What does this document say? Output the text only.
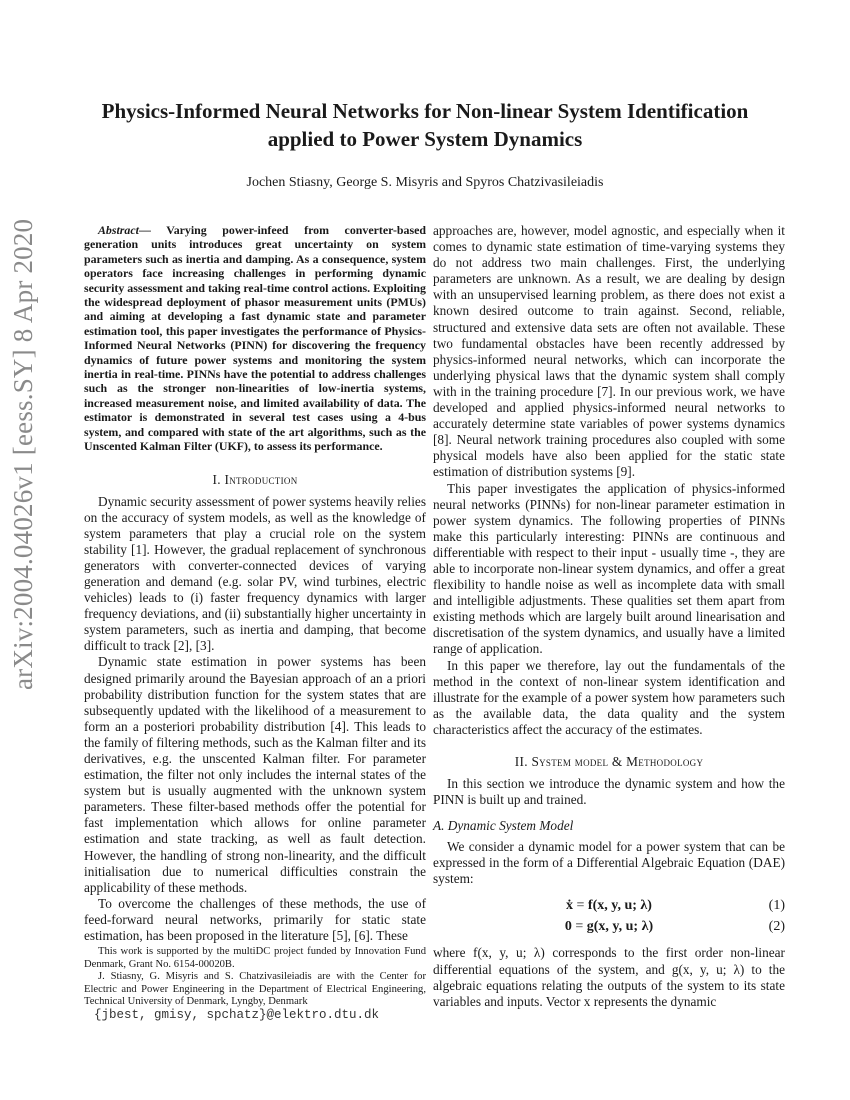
arXiv:2004.04026v1 [eess.SY] 8 Apr 2020
Physics-Informed Neural Networks for Non-linear System Identification
applied to Power System Dynamics
Jochen Stiasny, George S. Misyris and Spyros Chatzivasileiadis

Abstract— Varying power-infeed from converter-based generation units introduces great uncertainty on system parameters such as inertia and damping. As a consequence, system operators face increasing challenges in performing dynamic security assessment and taking real-time control actions. Exploiting the widespread deployment of phasor measurement units (PMUs) and aiming at developing a fast dynamic state and parameter estimation tool, this paper investigates the performance of Physics-Informed Neural Networks (PINN) for discovering the frequency dynamics of future power systems and monitoring the system inertia in real-time. PINNs have the potential to address challenges such as the stronger non-linearities of low-inertia systems, increased measurement noise, and limited availability of data. The estimator is demonstrated in several test cases using a 4-bus system, and compared with state of the art algorithms, such as the Unscented Kalman Filter (UKF), to assess its performance.

I. Introduction

Dynamic security assessment of power systems heavily relies on the accuracy of system models, as well as the knowledge of system parameters that play a crucial role on the system stability [1]. However, the gradual replacement of synchronous generators with converter-connected devices of varying generation and demand (e.g. solar PV, wind turbines, electric vehicles) leads to (i) faster frequency dynamics with larger frequency deviations, and (ii) substantially higher uncertainty in system parameters, such as inertia and damping, that become difficult to track [2], [3].

Dynamic state estimation in power systems has been designed primarily around the Bayesian approach of an a priori probability distribution function for the system states that are subsequently updated with the likelihood of a measurement to form an a posteriori probability distribution [4]. This leads to the family of filtering methods, such as the Kalman filter and its derivatives, e.g. the unscented Kalman filter. For parameter estimation, the filter not only includes the internal states of the system but is usually augmented with the unknown system parameters. These filter-based methods offer the potential for fast implementation which allows for online parameter estimation and state tracking, as well as fault detection. However, the handling of strong non-linearity, and the difficult initialisation due to numerical difficulties constrain the applicability of these methods.

To overcome the challenges of these methods, the use of feed-forward neural networks, primarily for static state estimation, has been proposed in the literature [5], [6]. These

This work is supported by the multiDC project funded by Innovation Fund Denmark, Grant No. 6154-00020B.

J. Stiasny, G. Misyris and S. Chatzivasileiadis are with the Center for Electric and Power Engineering in the Department of Electrical Engineering, Technical University of Denmark, Lyngby, Denmark

{jbest, gmisy, spchatz}@elektro.dtu.dk

approaches are, however, model agnostic, and especially when it comes to dynamic state estimation of time-varying systems they do not address two main challenges. First, the underlying parameters are unknown. As a result, we are dealing by design with an unsupervised learning problem, as there does not exist a known desired outcome to train against. Second, reliable, structured and extensive data sets are often not available. These two fundamental obstacles have been recently addressed by physics-informed neural networks, which can incorporate the underlying physical laws that the dynamic system shall comply with in the training procedure [7]. In our previous work, we have developed and applied physics-informed neural networks to accurately determine state variables of power systems dynamics [8]. Neural network training procedures also coupled with some physical models have also been applied for the static state estimation of distribution systems [9].

This paper investigates the application of physics-informed neural networks (PINNs) for non-linear parameter estimation in power system dynamics. The following properties of PINNs make this particularly interesting: PINNs are continuous and differentiable with respect to their input - usually time -, they are able to incorporate non-linear system dynamics, and offer a great flexibility to handle noise as well as incomplete data with small and intelligible adjustments. These qualities set them apart from existing methods which are largely built around linearisation and discretisation of the system dynamics, and usually have a limited range of application.

In this paper we therefore, lay out the fundamentals of the method in the context of non-linear system identification and illustrate for the example of a power system how parameters such as the available data, the data quality and the system characteristics affect the accuracy of the estimates.

II. System model & Methodology

In this section we introduce the dynamic system and how the PINN is built up and trained.

A. Dynamic System Model

We consider a dynamic model for a power system that can be expressed in the form of a Differential Algebraic Equation (DAE) system:

ẋ = f(x, y, u; λ)	(1)
0 = g(x, y, u; λ)	(2)

where f(x, y, u; λ) corresponds to the first order non-linear differential equations of the system, and g(x, y, u; λ) to the algebraic equations relating the outputs of the system to its state variables and inputs. Vector x represents the dynamic
